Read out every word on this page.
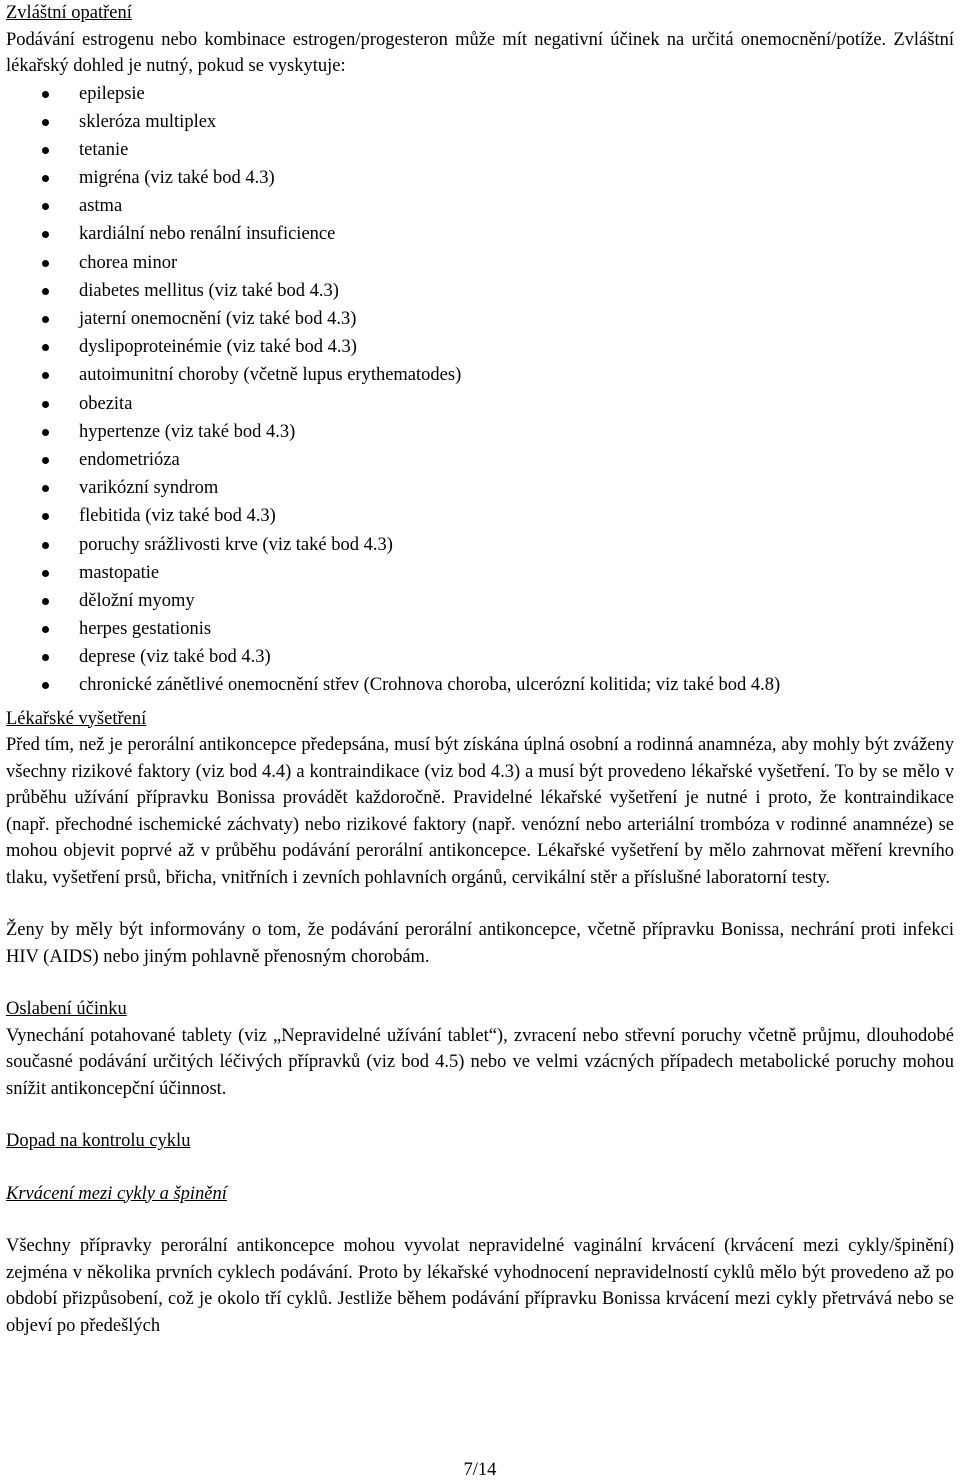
Zvláštní opatření

Podávání estrogenu nebo kombinace estrogen/progesteron může mít negativní účinek na určitá onemocnění/potíže. Zvláštní lékařský dohled je nutný, pokud se vyskytuje:

epilepsie
skleróza multiplex
tetanie
migréna (viz také bod 4.3)
astma
kardiální nebo renální insuficience
chorea minor
diabetes mellitus (viz také bod 4.3)
jaterní onemocnění (viz také bod 4.3)
dyslipoproteinémie (viz také bod 4.3)
autoimunitní choroby (včetně lupus erythematodes)
obezita
hypertenze (viz také bod 4.3)
endometrióza
varikózní syndrom
flebitida (viz také bod 4.3)
poruchy srážlivosti krve (viz také bod 4.3)
mastopatie
děložní myomy
herpes gestationis
deprese (viz také bod 4.3)
chronické zánětlivé onemocnění střev (Crohnova choroba, ulcerózní kolitida; viz také bod 4.8)
Lékařské vyšetření

Před tím, než je perorální antikoncepce předepsána, musí být získána úplná osobní a rodinná anamnéza, aby mohly být zváženy všechny rizikové faktory (viz bod 4.4) a kontraindikace (viz bod 4.3) a musí být provedeno lékařské vyšetření. To by se mělo v průběhu užívání přípravku Bonissa provádět každoročně. Pravidelné lékařské vyšetření je nutné i proto, že kontraindikace (např. přechodné ischemické záchvaty) nebo rizikové faktory (např. venózní nebo arteriální trombóza v rodinné anamnéze) se mohou objevit poprvé až v průběhu podávání perorální antikoncepce. Lékařské vyšetření by mělo zahrnovat měření krevního tlaku, vyšetření prsů, břicha, vnitřních i zevních pohlavních orgánů, cervikální stěr a příslušné laboratorní testy.

Ženy by měly být informovány o tom, že podávání perorální antikoncepce, včetně přípravku Bonissa, nechrání proti infekci HIV (AIDS) nebo jiným pohlavně přenosným chorobám.

Oslabení účinku

Vynechání potahované tablety (viz „Nepravidelné užívání tablet“), zvracení nebo střevní poruchy včetně průjmu, dlouhodobé současné podávání určitých léčivých přípravků (viz bod 4.5) nebo ve velmi vzácných případech metabolické poruchy mohou snížit antikoncepční účinnost.

Dopad na kontrolu cyklu
Krvácení mezi cykly a špinění

Všechny přípravky perorální antikoncepce mohou vyvolat nepravidelné vaginální krvácení (krvácení mezi cykly/špinění) zejména v několika prvních cyklech podávání. Proto by lékařské vyhodnocení nepravidelností cyklů mělo být provedeno až po období přizpůsobení, což je okolo tří cyklů. Jestliže během podávání přípravku Bonissa krvácení mezi cykly přetrvává nebo se objeví po předešlých

7/14
